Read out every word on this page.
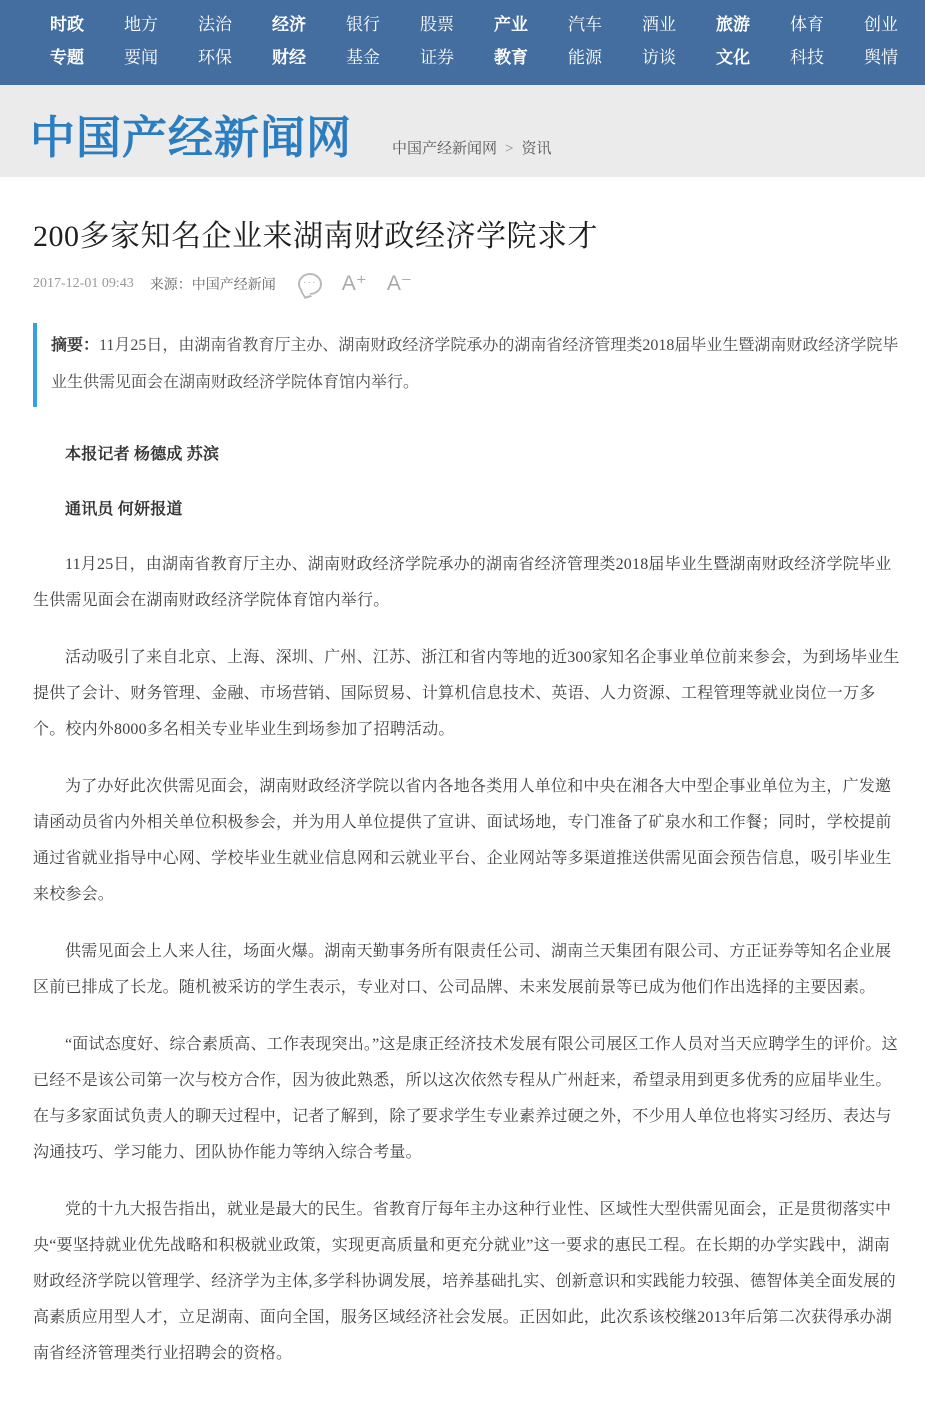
时政
专题
地方
要闻
法治
环保
经济
财经
银行
基金
股票
证券
产业
教育
汽车
能源
酒业
访谈
旅游
文化
体育
科技
创业
舆情
中国产经新闻网	中国产经新闻网 > 资讯
200多家知名企业来湖南财政经济学院求才
2017-12-01 09:43 来源：中国产经新闻	··· A⁺ A⁻
摘要：11月25日，由湖南省教育厅主办、湖南财政经济学院承办的湖南省经济管理类2018届毕业生暨湖南财政经济学院毕业生供需见面会在湖南财政经济学院体育馆内举行。

本报记者 杨德成 苏滨

通讯员 何妍报道

11月25日，由湖南省教育厅主办、湖南财政经济学院承办的湖南省经济管理类2018届毕业生暨湖南财政经济学院毕业生供需见面会在湖南财政经济学院体育馆内举行。

活动吸引了来自北京、上海、深圳、广州、江苏、浙江和省内等地的近300家知名企事业单位前来参会，为到场毕业生提供了会计、财务管理、金融、市场营销、国际贸易、计算机信息技术、英语、人力资源、工程管理等就业岗位一万多个。校内外8000多名相关专业毕业生到场参加了招聘活动。

为了办好此次供需见面会，湖南财政经济学院以省内各地各类用人单位和中央在湘各大中型企事业单位为主，广发邀请函动员省内外相关单位积极参会，并为用人单位提供了宣讲、面试场地，专门准备了矿泉水和工作餐；同时，学校提前通过省就业指导中心网、学校毕业生就业信息网和云就业平台、企业网站等多渠道推送供需见面会预告信息，吸引毕业生来校参会。

供需见面会上人来人往，场面火爆。湖南天勤事务所有限责任公司、湖南兰天集团有限公司、方正证券等知名企业展区前已排成了长龙。随机被采访的学生表示，专业对口、公司品牌、未来发展前景等已成为他们作出选择的主要因素。

“面试态度好、综合素质高、工作表现突出。”这是康正经济技术发展有限公司展区工作人员对当天应聘学生的评价。这已经不是该公司第一次与校方合作，因为彼此熟悉，所以这次依然专程从广州赶来，希望录用到更多优秀的应届毕业生。在与多家面试负责人的聊天过程中，记者了解到，除了要求学生专业素养过硬之外，不少用人单位也将实习经历、表达与沟通技巧、学习能力、团队协作能力等纳入综合考量。

党的十九大报告指出，就业是最大的民生。省教育厅每年主办这种行业性、区域性大型供需见面会，正是贯彻落实中央“要坚持就业优先战略和积极就业政策，实现更高质量和更充分就业”这一要求的惠民工程。在长期的办学实践中，湖南财政经济学院以管理学、经济学为主体,多学科协调发展，培养基础扎实、创新意识和实践能力较强、德智体美全面发展的高素质应用型人才，立足湖南、面向全国，服务区域经济社会发展。正因如此，此次系该校继2013年后第二次获得承办湖南省经济管理类行业招聘会的资格。
